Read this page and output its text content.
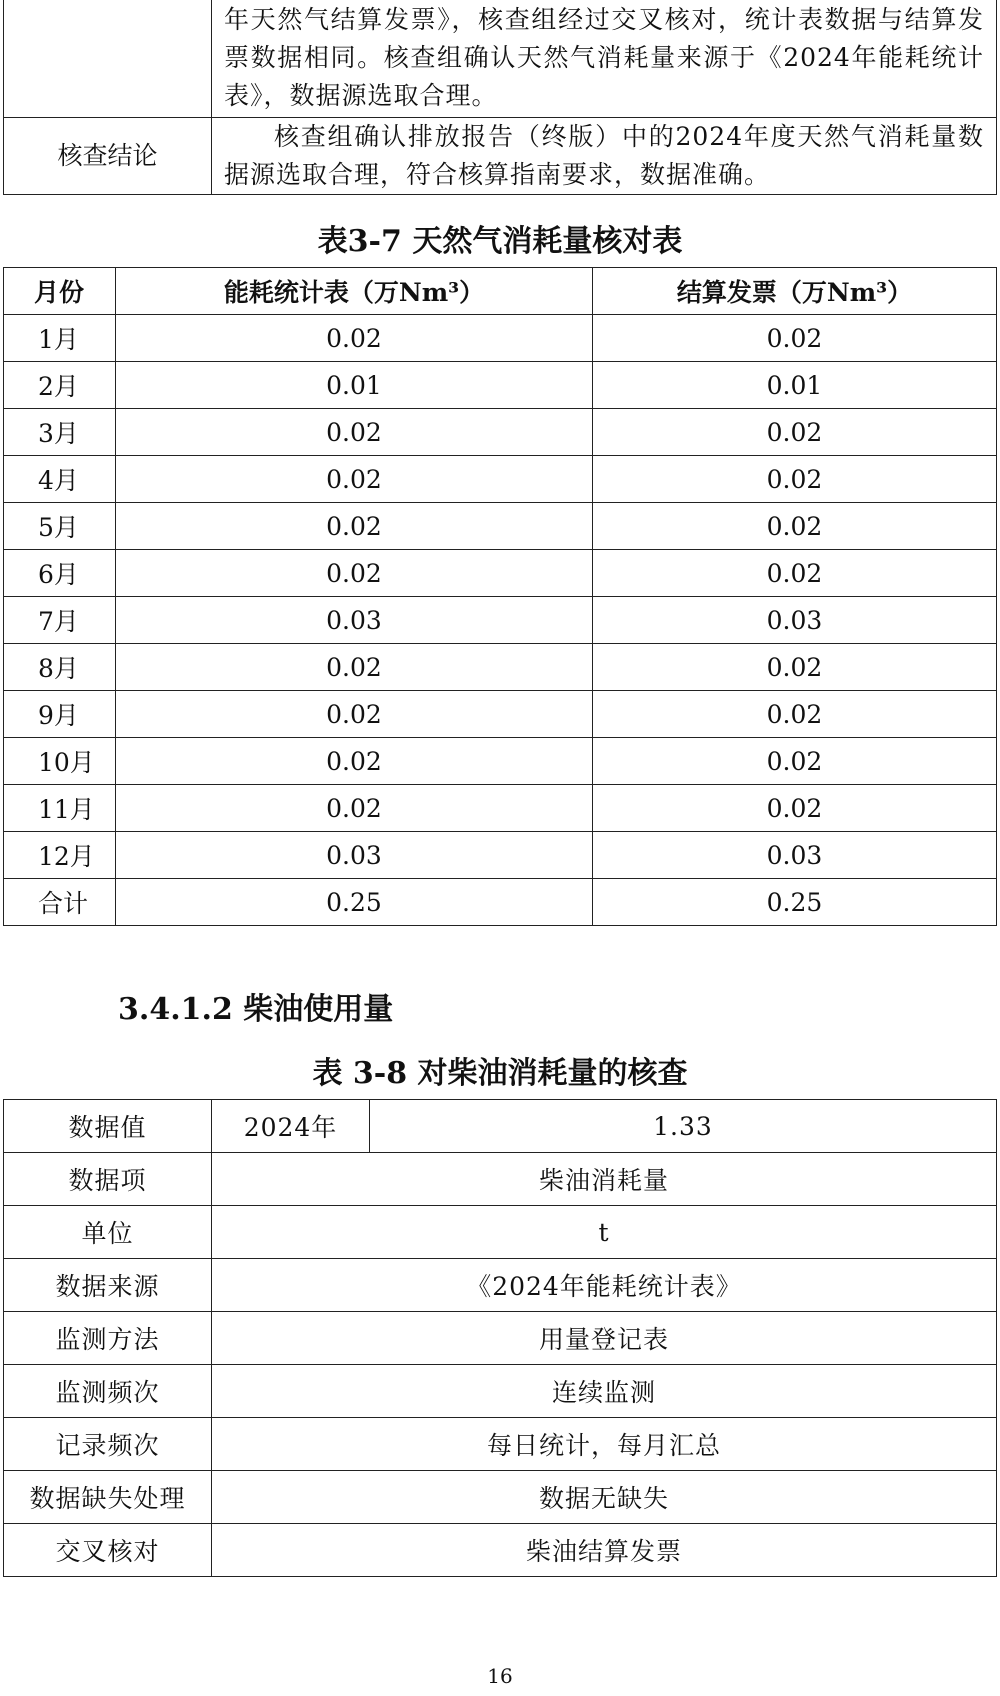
	年天然气结算发票》，核查组经过交叉核对，统计表数据与结算发票数据相同。核查组确认天然气消耗量来源于《2024年能耗统计表》，数据源选取合理。
核查结论	核查组确认排放报告（终版）中的2024年度天然气消耗量数据源选取合理，符合核算指南要求，数据准确。
表3-7 天然气消耗量核对表
月份	能耗统计表（万Nm³）	结算发票（万Nm³）
1月	0.02	0.02
2月	0.01	0.01
3月	0.02	0.02
4月	0.02	0.02
5月	0.02	0.02
6月	0.02	0.02
7月	0.03	0.03
8月	0.02	0.02
9月	0.02	0.02
10月	0.02	0.02
11月	0.02	0.02
12月	0.03	0.03
合计	0.25	0.25
3.4.1.2 柴油使用量
表 3-8 对柴油消耗量的核查
数据值	2024年	1.33
数据项	柴油消耗量	
单位	t	
数据来源	《2024年能耗统计表》	
监测方法	用量登记表	
监测频次	连续监测	
记录频次	每日统计，每月汇总	
数据缺失处理	数据无缺失	
交叉核对	柴油结算发票	
16
